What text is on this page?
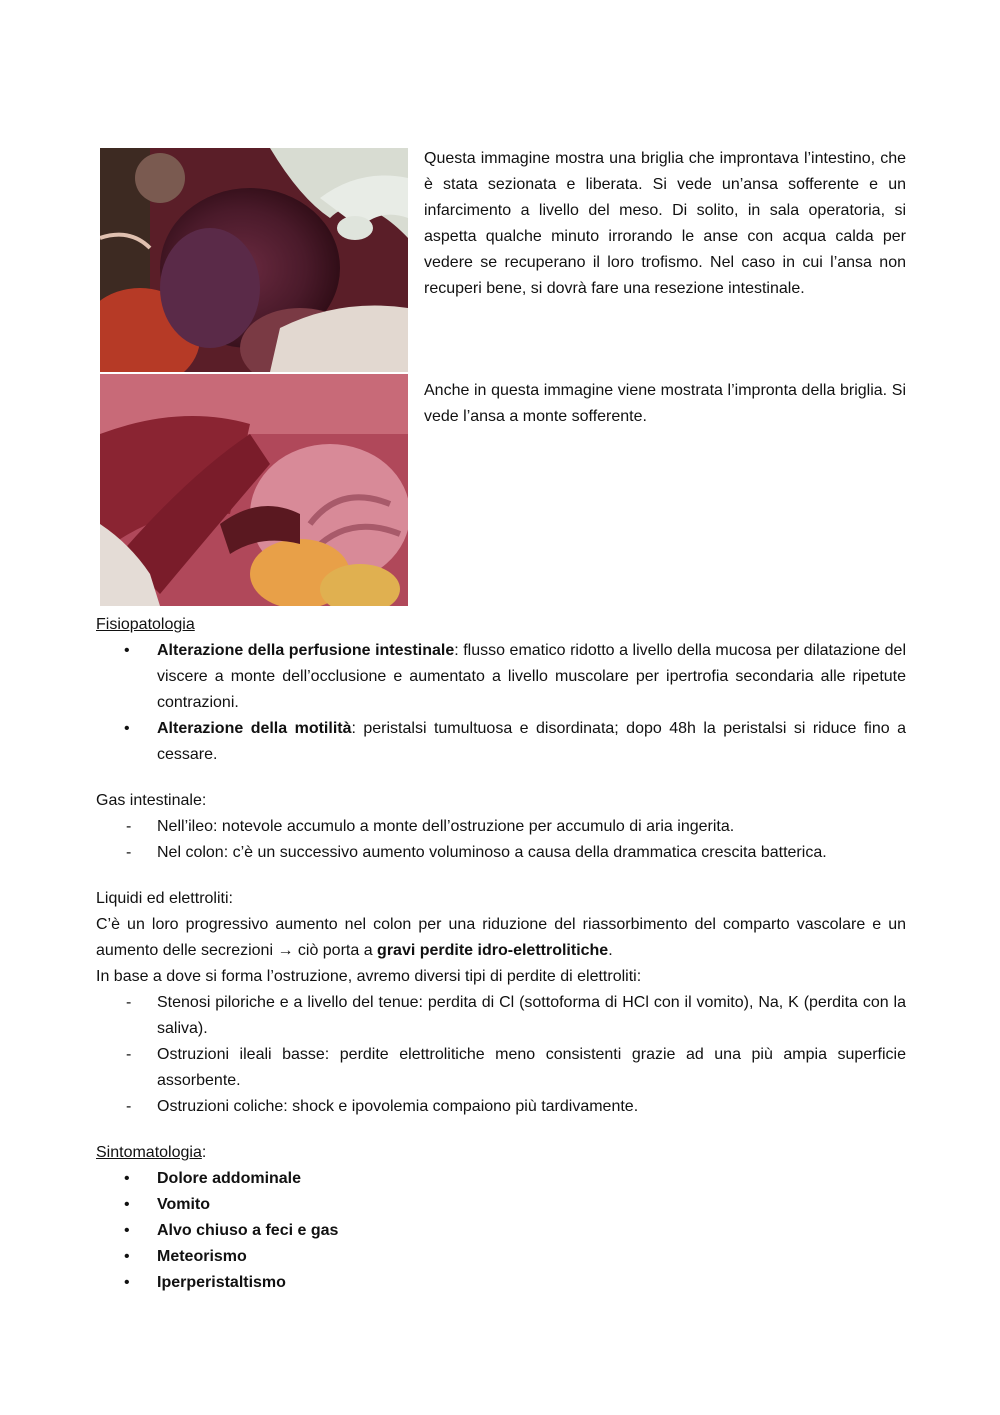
Questa immagine mostra una briglia che improntava l’intestino, che è stata sezionata e liberata. Si vede un’ansa sofferente e un infarcimento a livello del meso. Di solito, in sala operatoria, si aspetta qualche minuto irrorando le anse con acqua calda per vedere se recuperano il loro trofismo. Nel caso in cui l’ansa non recuperi bene, si dovrà fare una resezione intestinale.

Anche in questa immagine viene mostrata l’impronta della briglia. Si vede l’ansa a monte sofferente.

Fisiopatologia

• Alterazione della perfusione intestinale: flusso ematico ridotto a livello della mucosa per dilatazione del viscere a monte dell’occlusione e aumentato a livello muscolare per ipertrofia secondaria alle ripetute contrazioni.
• Alterazione della motilità: peristalsi tumultuosa e disordinata; dopo 48h la peristalsi si riduce fino a cessare.

Gas intestinale:

- Nell’ileo: notevole accumulo a monte dell’ostruzione per accumulo di aria ingerita.
- Nel colon: c’è un successivo aumento voluminoso a causa della drammatica crescita batterica.

Liquidi ed elettroliti:

C’è un loro progressivo aumento nel colon per una riduzione del riassorbimento del comparto vascolare e un aumento delle secrezioni → ciò porta a gravi perdite idro-elettrolitiche.

In base a dove si forma l’ostruzione, avremo diversi tipi di perdite di elettroliti:

- Stenosi piloriche e a livello del tenue: perdita di Cl (sottoforma di HCl con il vomito), Na, K (perdita con la saliva).
- Ostruzioni ileali basse: perdite elettrolitiche meno consistenti grazie ad una più ampia superficie assorbente.
- Ostruzioni coliche: shock e ipovolemia compaiono più tardivamente.

Sintomatologia:

• Dolore addominale
• Vomito
• Alvo chiuso a feci e gas
• Meteorismo
• Iperperistaltismo
